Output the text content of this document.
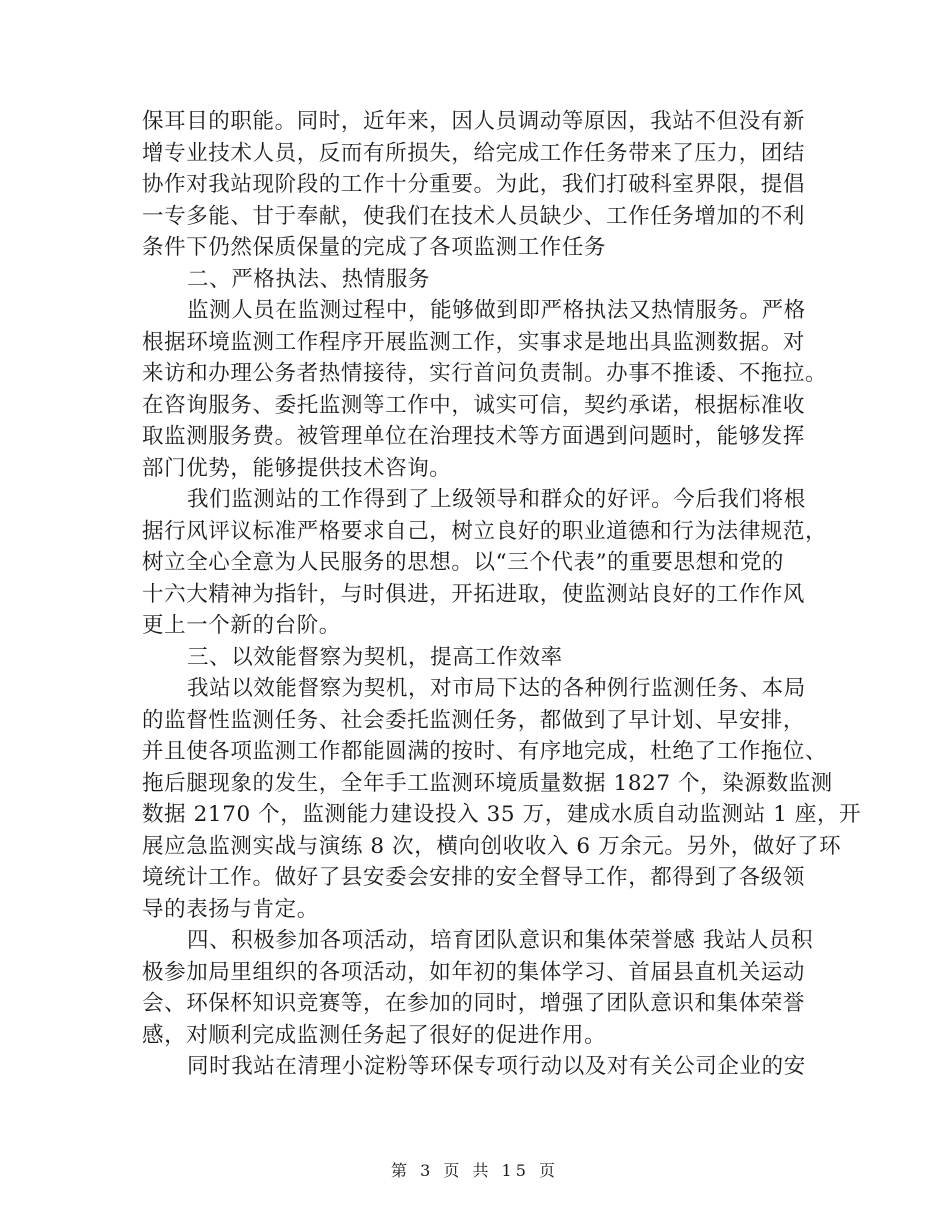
保耳目的职能。同时，近年来，因人员调动等原因，我站不但没有新
增专业技术人员，反而有所损失，给完成工作任务带来了压力，团结
协作对我站现阶段的工作十分重要。为此，我们打破科室界限，提倡
一专多能、甘于奉献，使我们在技术人员缺少、工作任务增加的不利
条件下仍然保质保量的完成了各项监测工作任务
二、严格执法、热情服务
监测人员在监测过程中，能够做到即严格执法又热情服务。严格
根据环境监测工作程序开展监测工作，实事求是地出具监测数据。对
来访和办理公务者热情接待，实行首问负责制。办事不推诿、不拖拉。
在咨询服务、委托监测等工作中，诚实可信，契约承诺，根据标准收
取监测服务费。被管理单位在治理技术等方面遇到问题时，能够发挥
部门优势，能够提供技术咨询。
我们监测站的工作得到了上级领导和群众的好评。今后我们将根
据行风评议标准严格要求自己，树立良好的职业道德和行为法律规范，
树立全心全意为人民服务的思想。以“三个代表”的重要思想和党的
十六大精神为指针，与时俱进，开拓进取，使监测站良好的工作作风
更上一个新的台阶。
三、以效能督察为契机，提高工作效率
我站以效能督察为契机，对市局下达的各种例行监测任务、本局
的监督性监测任务、社会委托监测任务，都做到了早计划、早安排，
并且使各项监测工作都能圆满的按时、有序地完成，杜绝了工作拖位、
拖后腿现象的发生，全年手工监测环境质量数据 1827 个，染源数监测
数据 2170 个，监测能力建设投入 35 万，建成水质自动监测站 1 座，开
展应急监测实战与演练 8 次，横向创收收入 6 万余元。另外，做好了环
境统计工作。做好了县安委会安排的安全督导工作，都得到了各级领
导的表扬与肯定。
四、积极参加各项活动，培育团队意识和集体荣誉感 我站人员积
极参加局里组织的各项活动，如年初的集体学习、首届县直机关运动
会、环保杯知识竞赛等，在参加的同时，增强了团队意识和集体荣誉
感，对顺利完成监测任务起了很好的促进作用。
同时我站在清理小淀粉等环保专项行动以及对有关公司企业的安
第 3 页 共 15 页
